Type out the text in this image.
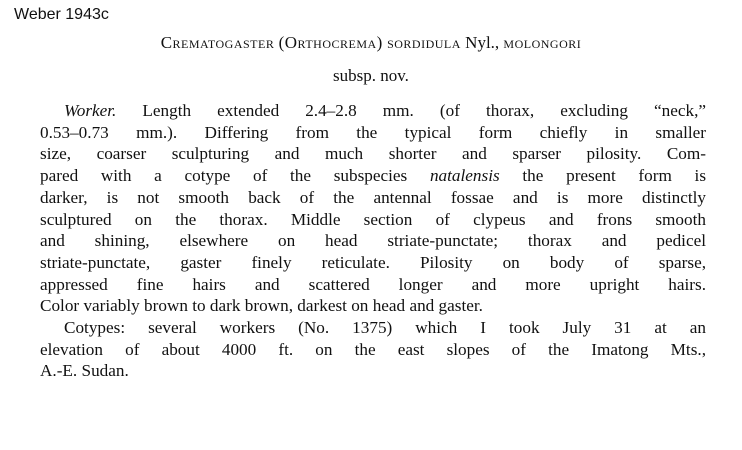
Weber 1943c
Crematogaster (Orthocrema) sordidula Nyl., molongori
subsp. nov.
Worker. Length extended 2.4–2.8 mm. (of thorax, excluding “neck,”
0.53–0.73 mm.). Differing from the typical form chiefly in smaller
size, coarser sculpturing and much shorter and sparser pilosity. Com-
pared with a cotype of the subspecies natalensis the present form is
darker, is not smooth back of the antennal fossae and is more distinctly
sculptured on the thorax. Middle section of clypeus and frons smooth
and shining, elsewhere on head striate-punctate; thorax and pedicel
striate-punctate, gaster finely reticulate. Pilosity on body of sparse,
appressed fine hairs and scattered longer and more upright hairs.
Color variably brown to dark brown, darkest on head and gaster.
Cotypes: several workers (No. 1375) which I took July 31 at an
elevation of about 4000 ft. on the east slopes of the Imatong Mts.,
A.-E. Sudan.
